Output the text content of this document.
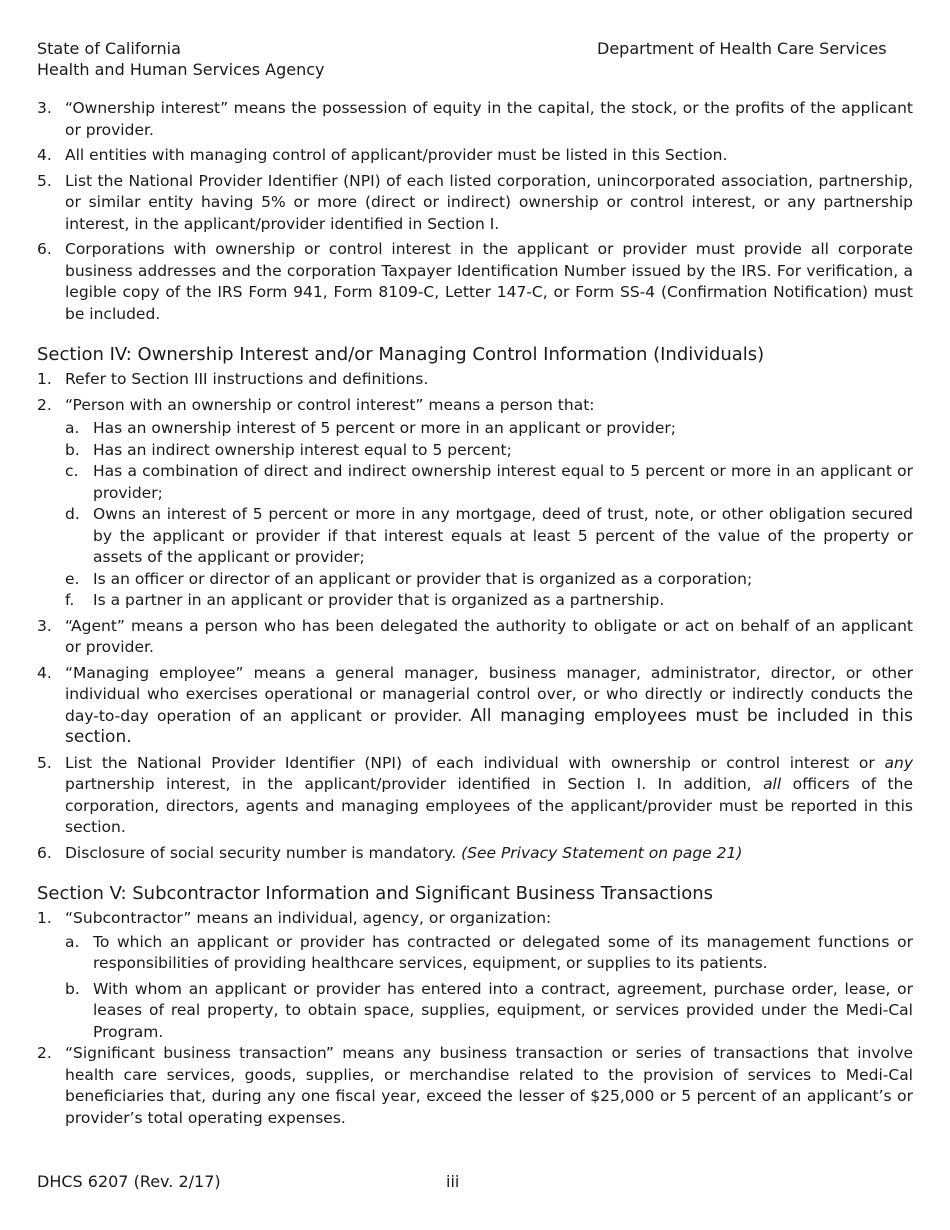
State of California
Health and Human Services Agency
Department of Health Care Services
3. “Ownership interest” means the possession of equity in the capital, the stock, or the profits of the applicant or provider.
4. All entities with managing control of applicant/provider must be listed in this Section.
5. List the National Provider Identifier (NPI) of each listed corporation, unincorporated association, partnership, or similar entity having 5% or more (direct or indirect) ownership or control interest, or any partnership interest, in the applicant/provider identified in Section I.
6. Corporations with ownership or control interest in the applicant or provider must provide all corporate business addresses and the corporation Taxpayer Identification Number issued by the IRS. For verification, a legible copy of the IRS Form 941, Form 8109-C, Letter 147-C, or Form SS-4 (Confirmation Notification) must be included.
Section IV: Ownership Interest and/or Managing Control Information (Individuals)
1. Refer to Section III instructions and definitions.
2. “Person with an ownership or control interest” means a person that:
a. Has an ownership interest of 5 percent or more in an applicant or provider;
b. Has an indirect ownership interest equal to 5 percent;
c. Has a combination of direct and indirect ownership interest equal to 5 percent or more in an applicant or provider;
d. Owns an interest of 5 percent or more in any mortgage, deed of trust, note, or other obligation secured by the applicant or provider if that interest equals at least 5 percent of the value of the property or assets of the applicant or provider;
e. Is an officer or director of an applicant or provider that is organized as a corporation;
f. Is a partner in an applicant or provider that is organized as a partnership.
3. “Agent” means a person who has been delegated the authority to obligate or act on behalf of an applicant or provider.
4. “Managing employee” means a general manager, business manager, administrator, director, or other individual who exercises operational or managerial control over, or who directly or indirectly conducts the day-to-day operation of an applicant or provider. All managing employees must be included in this section.
5. List the National Provider Identifier (NPI) of each individual with ownership or control interest or any partnership interest, in the applicant/provider identified in Section I. In addition, all officers of the corporation, directors, agents and managing employees of the applicant/provider must be reported in this section.
6. Disclosure of social security number is mandatory. (See Privacy Statement on page 21)
Section V: Subcontractor Information and Significant Business Transactions
1. “Subcontractor” means an individual, agency, or organization:
a. To which an applicant or provider has contracted or delegated some of its management functions or responsibilities of providing healthcare services, equipment, or supplies to its patients.
b. With whom an applicant or provider has entered into a contract, agreement, purchase order, lease, or leases of real property, to obtain space, supplies, equipment, or services provided under the Medi-Cal Program.
2. “Significant business transaction” means any business transaction or series of transactions that involve health care services, goods, supplies, or merchandise related to the provision of services to Medi-Cal beneficiaries that, during any one fiscal year, exceed the lesser of $25,000 or 5 percent of an applicant’s or provider’s total operating expenses.
DHCS 6207 (Rev. 2/17)	iii
